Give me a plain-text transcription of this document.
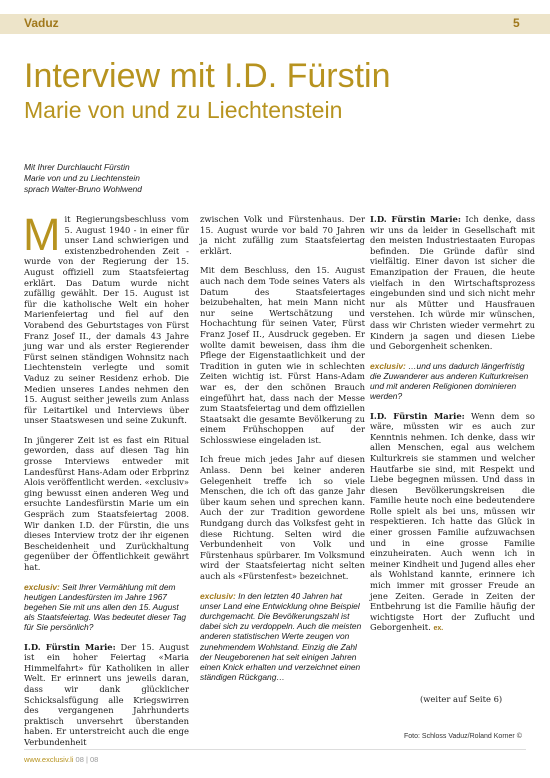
Vaduz	5
Interview mit I.D. Fürstin
Marie von und zu Liechtenstein
Mit Ihrer Durchlaucht Fürstin
Marie von und zu Liechtenstein
sprach Walter-Bruno Wohlwend

Mit Regierungsbeschluss vom 5. August 1940 - in einer für unser Land schwierigen und existenzbedrohenden Zeit - wurde von der Regierung der 15. August offiziell zum Staatsfeiertag erklärt. Das Datum wurde nicht zufällig gewählt. Der 15. August ist für die katholische Welt ein hoher Marienfeiertag und fiel auf den Vorabend des Geburtstages von Fürst Franz Josef II., der damals 43 Jahre jung war und als erster Regierender Fürst seinen ständigen Wohnsitz nach Liechtenstein verlegte und somit Vaduz zu seiner Residenz erhob. Die Medien unseres Landes nehmen den 15. August seither jeweils zum Anlass für Leitartikel und Interviews über unser Staatswesen und seine Zukunft.

In jüngerer Zeit ist es fast ein Ritual geworden, dass auf diesen Tag hin grosse Interviews entweder mit Landesfürst Hans-Adam oder Erbprinz Alois veröffentlicht werden. «exclusiv» ging bewusst einen anderen Weg und ersuchte Landesfürstin Marie um ein Gespräch zum Staatsfeiertag 2008. Wir danken I.D. der Fürstin, die uns dieses Interview trotz der ihr eigenen Bescheidenheit und Zurückhaltung gegenüber der Öffentlichkeit gewährt hat.

exclusiv: Seit Ihrer Vermählung mit dem heutigen Landesfürsten im Jahre 1967 begehen Sie mit uns allen den 15. August als Staatsfeiertag. Was bedeutet dieser Tag für Sie persönlich?

I.D. Fürstin Marie: Der 15. August ist ein hoher Feiertag «Maria Himmelfahrt» für Katholiken in aller Welt. Er erinnert uns jeweils daran, dass wir dank glücklicher Schicksalsfügung alle Kriegswirren des vergangenen Jahrhunderts praktisch unversehrt überstanden haben. Er unterstreicht auch die enge Verbundenheit

zwischen Volk und Fürstenhaus. Der 15. August wurde vor bald 70 Jahren ja nicht zufällig zum Staatsfeiertag erklärt.

Mit dem Beschluss, den 15. August auch nach dem Tode seines Vaters als Datum des Staatsfeiertages beizubehalten, hat mein Mann nicht nur seine Wertschätzung und Hochachtung für seinen Vater, Fürst Franz Josef II., Ausdruck gegeben. Er wollte damit beweisen, dass ihm die Pflege der Eigenstaatlichkeit und der Tradition in guten wie in schlechten Zeiten wichtig ist. Fürst Hans-Adam war es, der den schönen Brauch eingeführt hat, dass nach der Messe zum Staatsfeiertag und dem offiziellen Staatsakt die gesamte Bevölkerung zu einem Frühschoppen auf der Schlosswiese eingeladen ist.

Ich freue mich jedes Jahr auf diesen Anlass. Denn bei keiner anderen Gelegenheit treffe ich so viele Menschen, die ich oft das ganze Jahr über kaum sehen und sprechen kann. Auch der zur Tradition gewordene Rundgang durch das Volksfest geht in diese Richtung. Selten wird die Verbundenheit von Volk und Fürstenhaus spürbarer. Im Volksmund wird der Staatsfeiertag nicht selten auch als «Fürstenfest» bezeichnet.

exclusiv: In den letzten 40 Jahren hat unser Land eine Entwicklung ohne Beispiel durchgemacht. Die Bevölkerungszahl ist dabei sich zu verdoppeln. Auch die meisten anderen statistischen Werte zeugen von zunehmendem Wohlstand. Einzig die Zahl der Neugeborenen hat seit einigen Jahren einen Knick erhalten und verzeichnet einen ständigen Rückgang…

I.D. Fürstin Marie: Ich denke, dass wir uns da leider in Gesellschaft mit den meisten Industriestaaten Europas befinden. Die Gründe dafür sind vielfältig. Einer davon ist sicher die Emanzipation der Frauen, die heute vielfach in den Wirtschaftsprozess eingebunden sind und sich nicht mehr nur als Mütter und Hausfrauen verstehen. Ich würde mir wünschen, dass wir Christen wieder vermehrt zu Kindern ja sagen und diesen Liebe und Geborgenheit schenken.

exclusiv: …und uns dadurch längerfristig die Zuwanderer aus anderen Kulturkreisen und mit anderen Religionen dominieren werden?

I.D. Fürstin Marie: Wenn dem so wäre, müssten wir es auch zur Kenntnis nehmen. Ich denke, dass wir allen Menschen, egal aus welchem Kulturkreis sie stammen und welcher Hautfarbe sie sind, mit Respekt und Liebe begegnen müssen. Und dass in diesen Bevölkerungskreisen die Familie heute noch eine bedeutendere Rolle spielt als bei uns, müssen wir respektieren. Ich hatte das Glück in einer grossen Familie aufzuwachsen und in eine grosse Familie einzuheiraten. Auch wenn ich in meiner Kindheit und Jugend alles eher als Wohlstand kannte, erinnere ich mich immer mit grosser Freude an jene Zeiten. Gerade in Zeiten der Entbehrung ist die Familie häufig der wichtigste Hort der Zuflucht und Geborgenheit. ex.

(weiter auf Seite 6)
Foto: Schloss Vaduz/Roland Korner ©
www.exclusiv.li 08 | 08
